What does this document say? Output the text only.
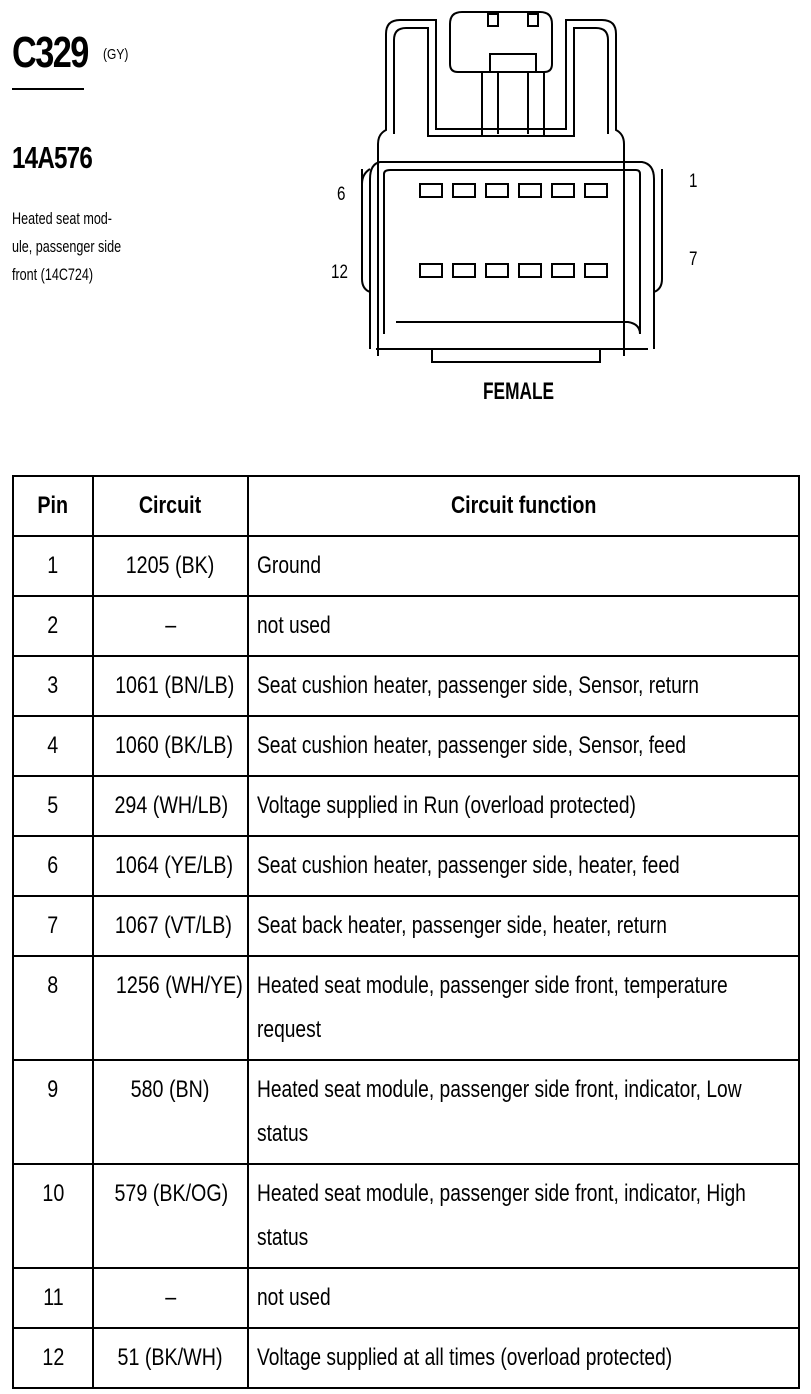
C329 (GY)
14A576
Heated seat mod-
ule, passenger side
front (14C724)
6
1
12
7
FEMALE
Pin	Circuit	Circuit function
1	1205 (BK)	Ground

2	–	not used

3	1061 (BN/LB)	Seat cushion heater, passenger side, Sensor, return

4	1060 (BK/LB)	Seat cushion heater, passenger side, Sensor, feed

5	294 (WH/LB)	Voltage supplied in Run (overload protected)

6	1064 (YE/LB)	Seat cushion heater, passenger side, heater, feed

7	1067 (VT/LB)	Seat back heater, passenger side, heater, return

8	1256 (WH/YE)	Heated seat module, passenger side front, temperature request

9	580 (BN)	Heated seat module, passenger side front, indicator, Low status

10	579 (BK/OG)	Heated seat module, passenger side front, indicator, High status

11	–	not used

12	51 (BK/WH)	Voltage supplied at all times (overload protected)
